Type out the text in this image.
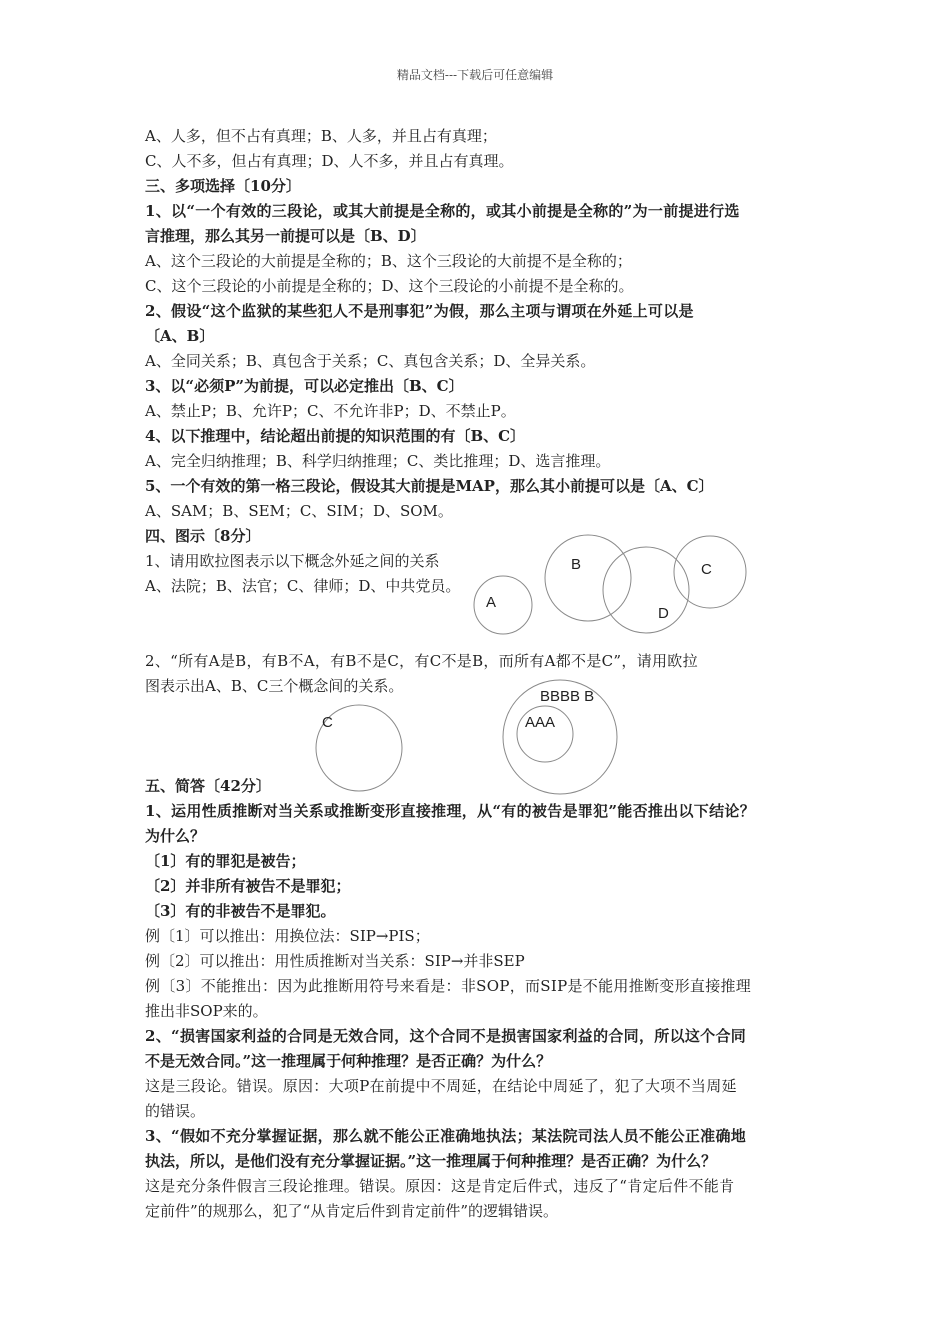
精品文档---下载后可任意编辑
A、人多，但不占有真理；B、人多，并且占有真理；
C、人不多，但占有真理；D、人不多，并且占有真理。
三、多项选择〔10分〕
1、以“一个有效的三段论，或其大前提是全称的，或其小前提是全称的”为一前提进行选
言推理，那么其另一前提可以是〔B、D〕
A、这个三段论的大前提是全称的；B、这个三段论的大前提不是全称的；
C、这个三段论的小前提是全称的；D、这个三段论的小前提不是全称的。
2、假设“这个监狱的某些犯人不是刑事犯”为假，那么主项与谓项在外延上可以是
〔A、B〕
A、全同关系；B、真包含于关系；C、真包含关系；D、全异关系。
3、以“必须P”为前提，可以必定推出〔B、C〕
A、禁止P；B、允许P；C、不允许非P；D、不禁止P。
4、以下推理中，结论超出前提的知识范围的有〔B、C〕
A、完全归纳推理；B、科学归纳推理；C、类比推理；D、选言推理。
5、一个有效的第一格三段论，假设其大前提是MAP，那么其小前提可以是〔A、C〕
A、SAM；B、SEM；C、SIM；D、SOM。
四、图示〔8分〕
1、请用欧拉图表示以下概念外延之间的关系
A、法院；B、法官；C、律师；D、中共党员。
2、“所有A是B，有B不A，有B不是C，有C不是B，而所有A都不是C”，请用欧拉
图表示出A、B、C三个概念间的关系。
五、简答〔42分〕
1、运用性质推断对当关系或推断变形直接推理，从“有的被告是罪犯”能否推出以下结论？
为什么？
〔1〕有的罪犯是被告；
〔2〕并非所有被告不是罪犯；
〔3〕有的非被告不是罪犯。
例〔1〕可以推出：用换位法：SIP→PIS；
例〔2〕可以推出：用性质推断对当关系：SIP→并非SEP
例〔3〕不能推出：因为此推断用符号来看是：非SOP，而SIP是不能用推断变形直接推理
推出非SOP来的。
2、“损害国家利益的合同是无效合同，这个合同不是损害国家利益的合同，所以这个合同
不是无效合同。”这一推理属于何种推理？是否正确？为什么？
这是三段论。错误。原因：大项P在前提中不周延，在结论中周延了，犯了大项不当周延
的错误。
3、“假如不充分掌握证据，那么就不能公正准确地执法；某法院司法人员不能公正准确地
执法，所以，是他们没有充分掌握证据。”这一推理属于何种推理？是否正确？为什么？
这是充分条件假言三段论推理。错误。原因：这是肯定后件式，违反了“肯定后件不能肯
定前件”的规那么，犯了“从肯定后件到肯定前件”的逻辑错误。
A
B	C
D
C
BBBB B
AAA
